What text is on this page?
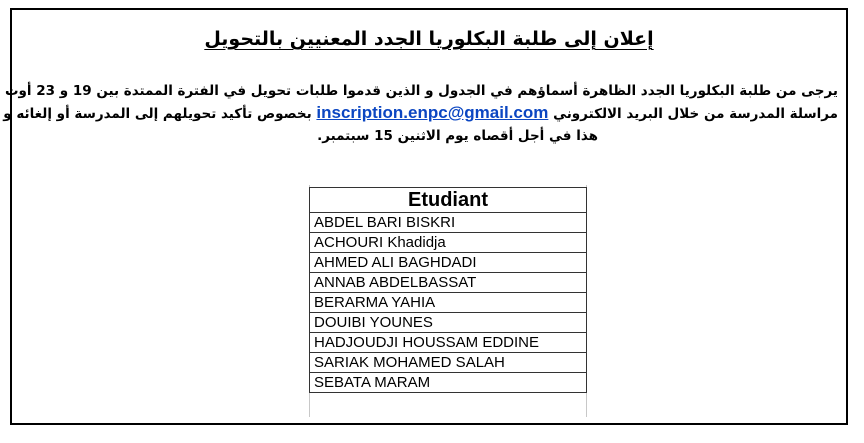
إعلان إلى طلبة البكلوريا الجدد المعنيين بالتحويل
يرجى من طلبة البكلوريا الجدد الظاهرة أسماؤهم في الجدول و الذين قدموا طلبات تحويل في الفترة الممتدة بين 19 و 23 أوت
مراسلة المدرسة من خلال البريد الالكتروني inscription.enpc@gmail.com بخصوص تأكيد تحويلهم إلى المدرسة أو إلغائه و
هذا في أجل أقصاه يوم الاثنين 15 سبتمبر.
Etudiant
ABDEL BARI BISKRI
ACHOURI Khadidja
AHMED ALI BAGHDADI
ANNAB ABDELBASSAT
BERARMA YAHIA
DOUIBI YOUNES
HADJOUDJI HOUSSAM EDDINE
SARIAK MOHAMED SALAH
SEBATA MARAM
